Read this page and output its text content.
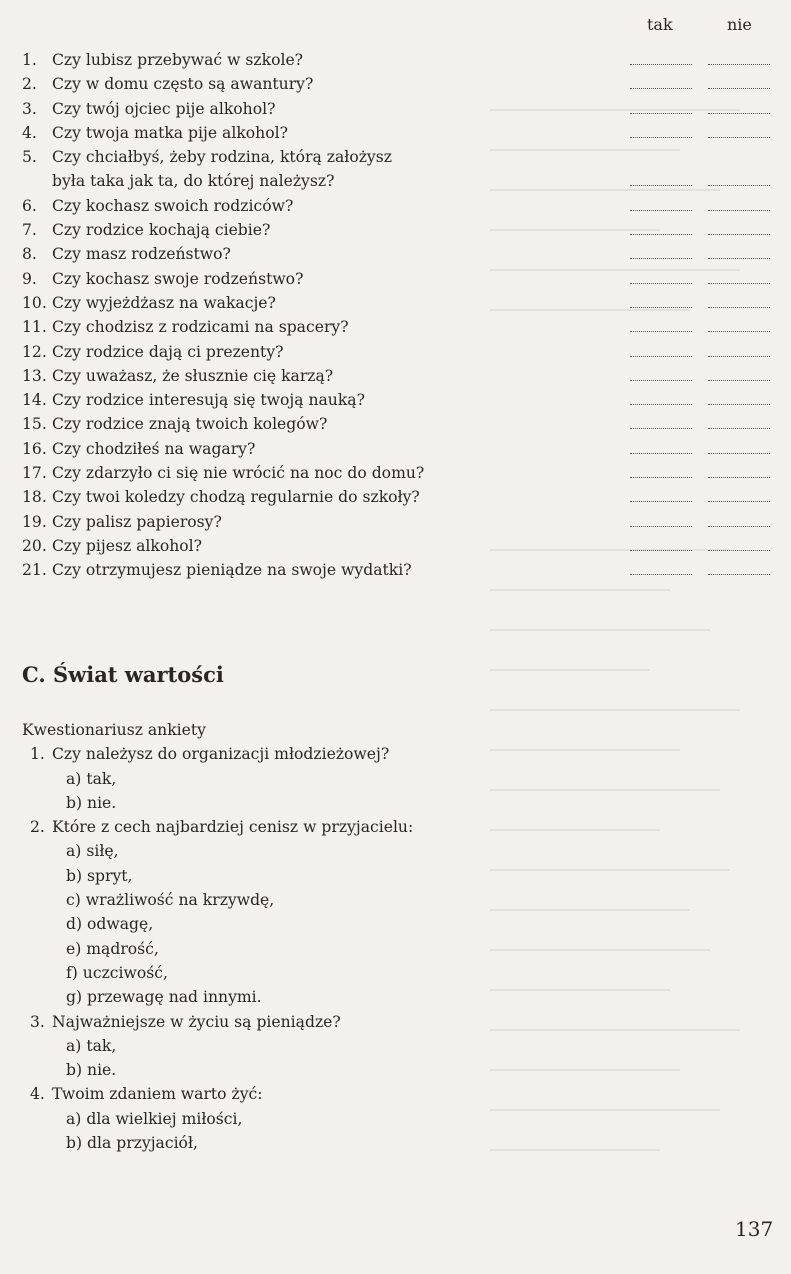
tak	nie
1. Czy lubisz przebywać w szkole?
2. Czy w domu często są awantury?
3. Czy twój ojciec pije alkohol?
4. Czy twoja matka pije alkohol?
5. Czy chciałbyś, żeby rodzina, którą założysz
była taka jak ta, do której należysz?
6. Czy kochasz swoich rodziców?
7. Czy rodzice kochają ciebie?
8. Czy masz rodzeństwo?
9. Czy kochasz swoje rodzeństwo?
10. Czy wyjeżdżasz na wakacje?
11. Czy chodzisz z rodzicami na spacery?
12. Czy rodzice dają ci prezenty?
13. Czy uważasz, że słusznie cię karzą?
14. Czy rodzice interesują się twoją nauką?
15. Czy rodzice znają twoich kolegów?
16. Czy chodziłeś na wagary?
17. Czy zdarzyło ci się nie wrócić na noc do domu?
18. Czy twoi koledzy chodzą regularnie do szkoły?
19. Czy palisz papierosy?
20. Czy pijesz alkohol?
21. Czy otrzymujesz pieniądze na swoje wydatki?
C. Świat wartości
Kwestionariusz ankiety
1. Czy należysz do organizacji młodzieżowej?
a) tak,
b) nie.
2. Które z cech najbardziej cenisz w przyjacielu:
a) siłę,
b) spryt,
c) wrażliwość na krzywdę,
d) odwagę,
e) mądrość,
f) uczciwość,
g) przewagę nad innymi.
3. Najważniejsze w życiu są pieniądze?
a) tak,
b) nie.
4. Twoim zdaniem warto żyć:
a) dla wielkiej miłości,
b) dla przyjaciół,
137
